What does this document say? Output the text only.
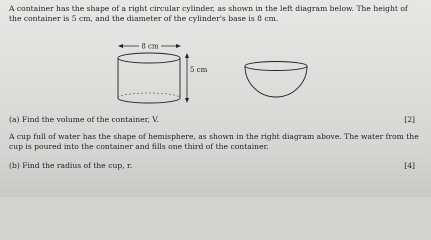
A container has the shape of a right circular cylinder, as shown in the left diagram below. The height of
the container is 5 cm, and the diameter of the cylinder's base is 8 cm.
8 cm
5 cm
(a) Find the volume of the container, V.	[2]
A cup full of water has the shape of hemisphere, as shown in the right diagram above. The water from the
cup is poured into the container and fills one third of the container.
(b) Find the radius of the cup, r.	[4]
